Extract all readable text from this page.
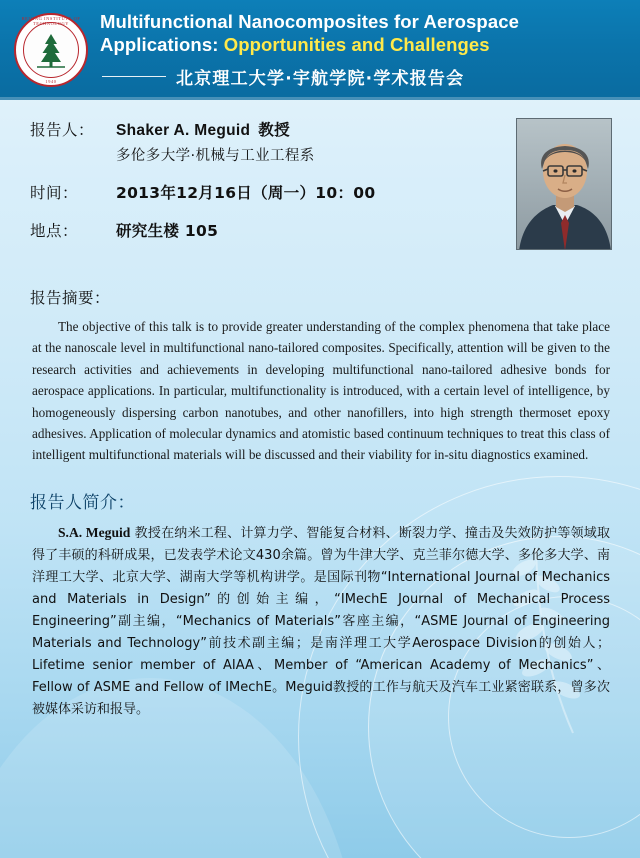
BEIJING INSTITUTE OF TECHNOLOGY
1940
Multifunctional Nanocomposites for Aerospace
Applications: Opportunities and Challenges
北京理工大学·宇航学院·学术报告会
报告人：	Shaker A. Meguid 教授
多伦多大学·机械与工业工程系
时间：	2013年12月16日（周一）10：00
地点：	研究生楼 105
报告摘要：
The objective of this talk is to provide greater understanding of the complex phenomena that take place at the nanoscale level in multifunctional nano-tailored composites. Specifically, attention will be given to the research activities and achievements in developing multifunctional nano-tailored adhesive bonds for aerospace applications. In particular, multifunctionality is introduced, with a certain level of intelligence, by homogeneously dispersing carbon nanotubes, and other nanofillers, into high strength thermoset epoxy adhesives. Application of molecular dynamics and atomistic based continuum techniques to treat this class of intelligent multifunctional materials will be discussed and their viability for in-situ diagnostics examined.
报告人简介：
S.A. Meguid 教授在纳米工程、计算力学、智能复合材料、断裂力学、撞击及失效防护等领域取得了丰硕的科研成果，已发表学术论文430余篇。曾为牛津大学、克兰菲尔德大学、多伦多大学、南洋理工大学、北京大学、湖南大学等机构讲学。是国际刊物“International Journal of Mechanics and Materials in Design”的创始主编，“IMechE Journal of Mechanical Process Engineering”副主编，“Mechanics of Materials”客座主编，“ASME Journal of Engineering Materials and Technology”前技术副主编；是南洋理工大学Aerospace Division的创始人；Lifetime senior member of AIAA、Member of “American Academy of Mechanics”、 Fellow of ASME and Fellow of IMechE。Meguid教授的工作与航天及汽车工业紧密联系，曾多次被媒体采访和报导。
